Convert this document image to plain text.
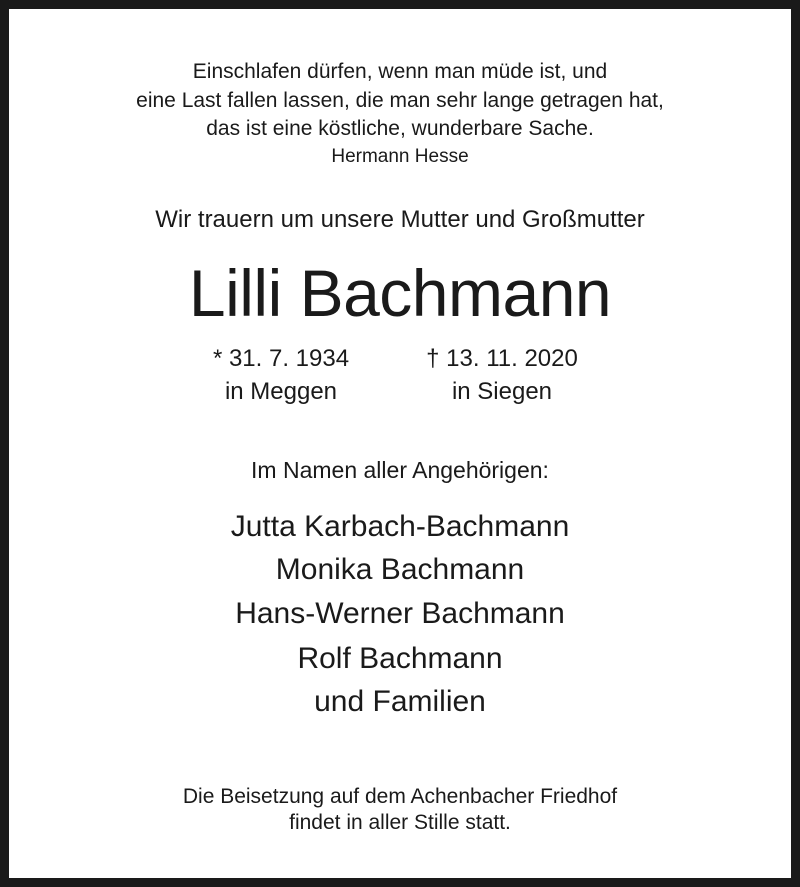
Einschlafen dürfen, wenn man müde ist, und
eine Last fallen lassen, die man sehr lange getragen hat,
das ist eine köstliche, wunderbare Sache.
Hermann Hesse
Wir trauern um unsere Mutter und Großmutter
Lilli Bachmann
* 31. 7. 1934
in Meggen
† 13. 11. 2020
in Siegen
Im Namen aller Angehörigen:
Jutta Karbach-Bachmann
Monika Bachmann
Hans-Werner Bachmann
Rolf Bachmann
und Familien
Die Beisetzung auf dem Achenbacher Friedhof
findet in aller Stille statt.
